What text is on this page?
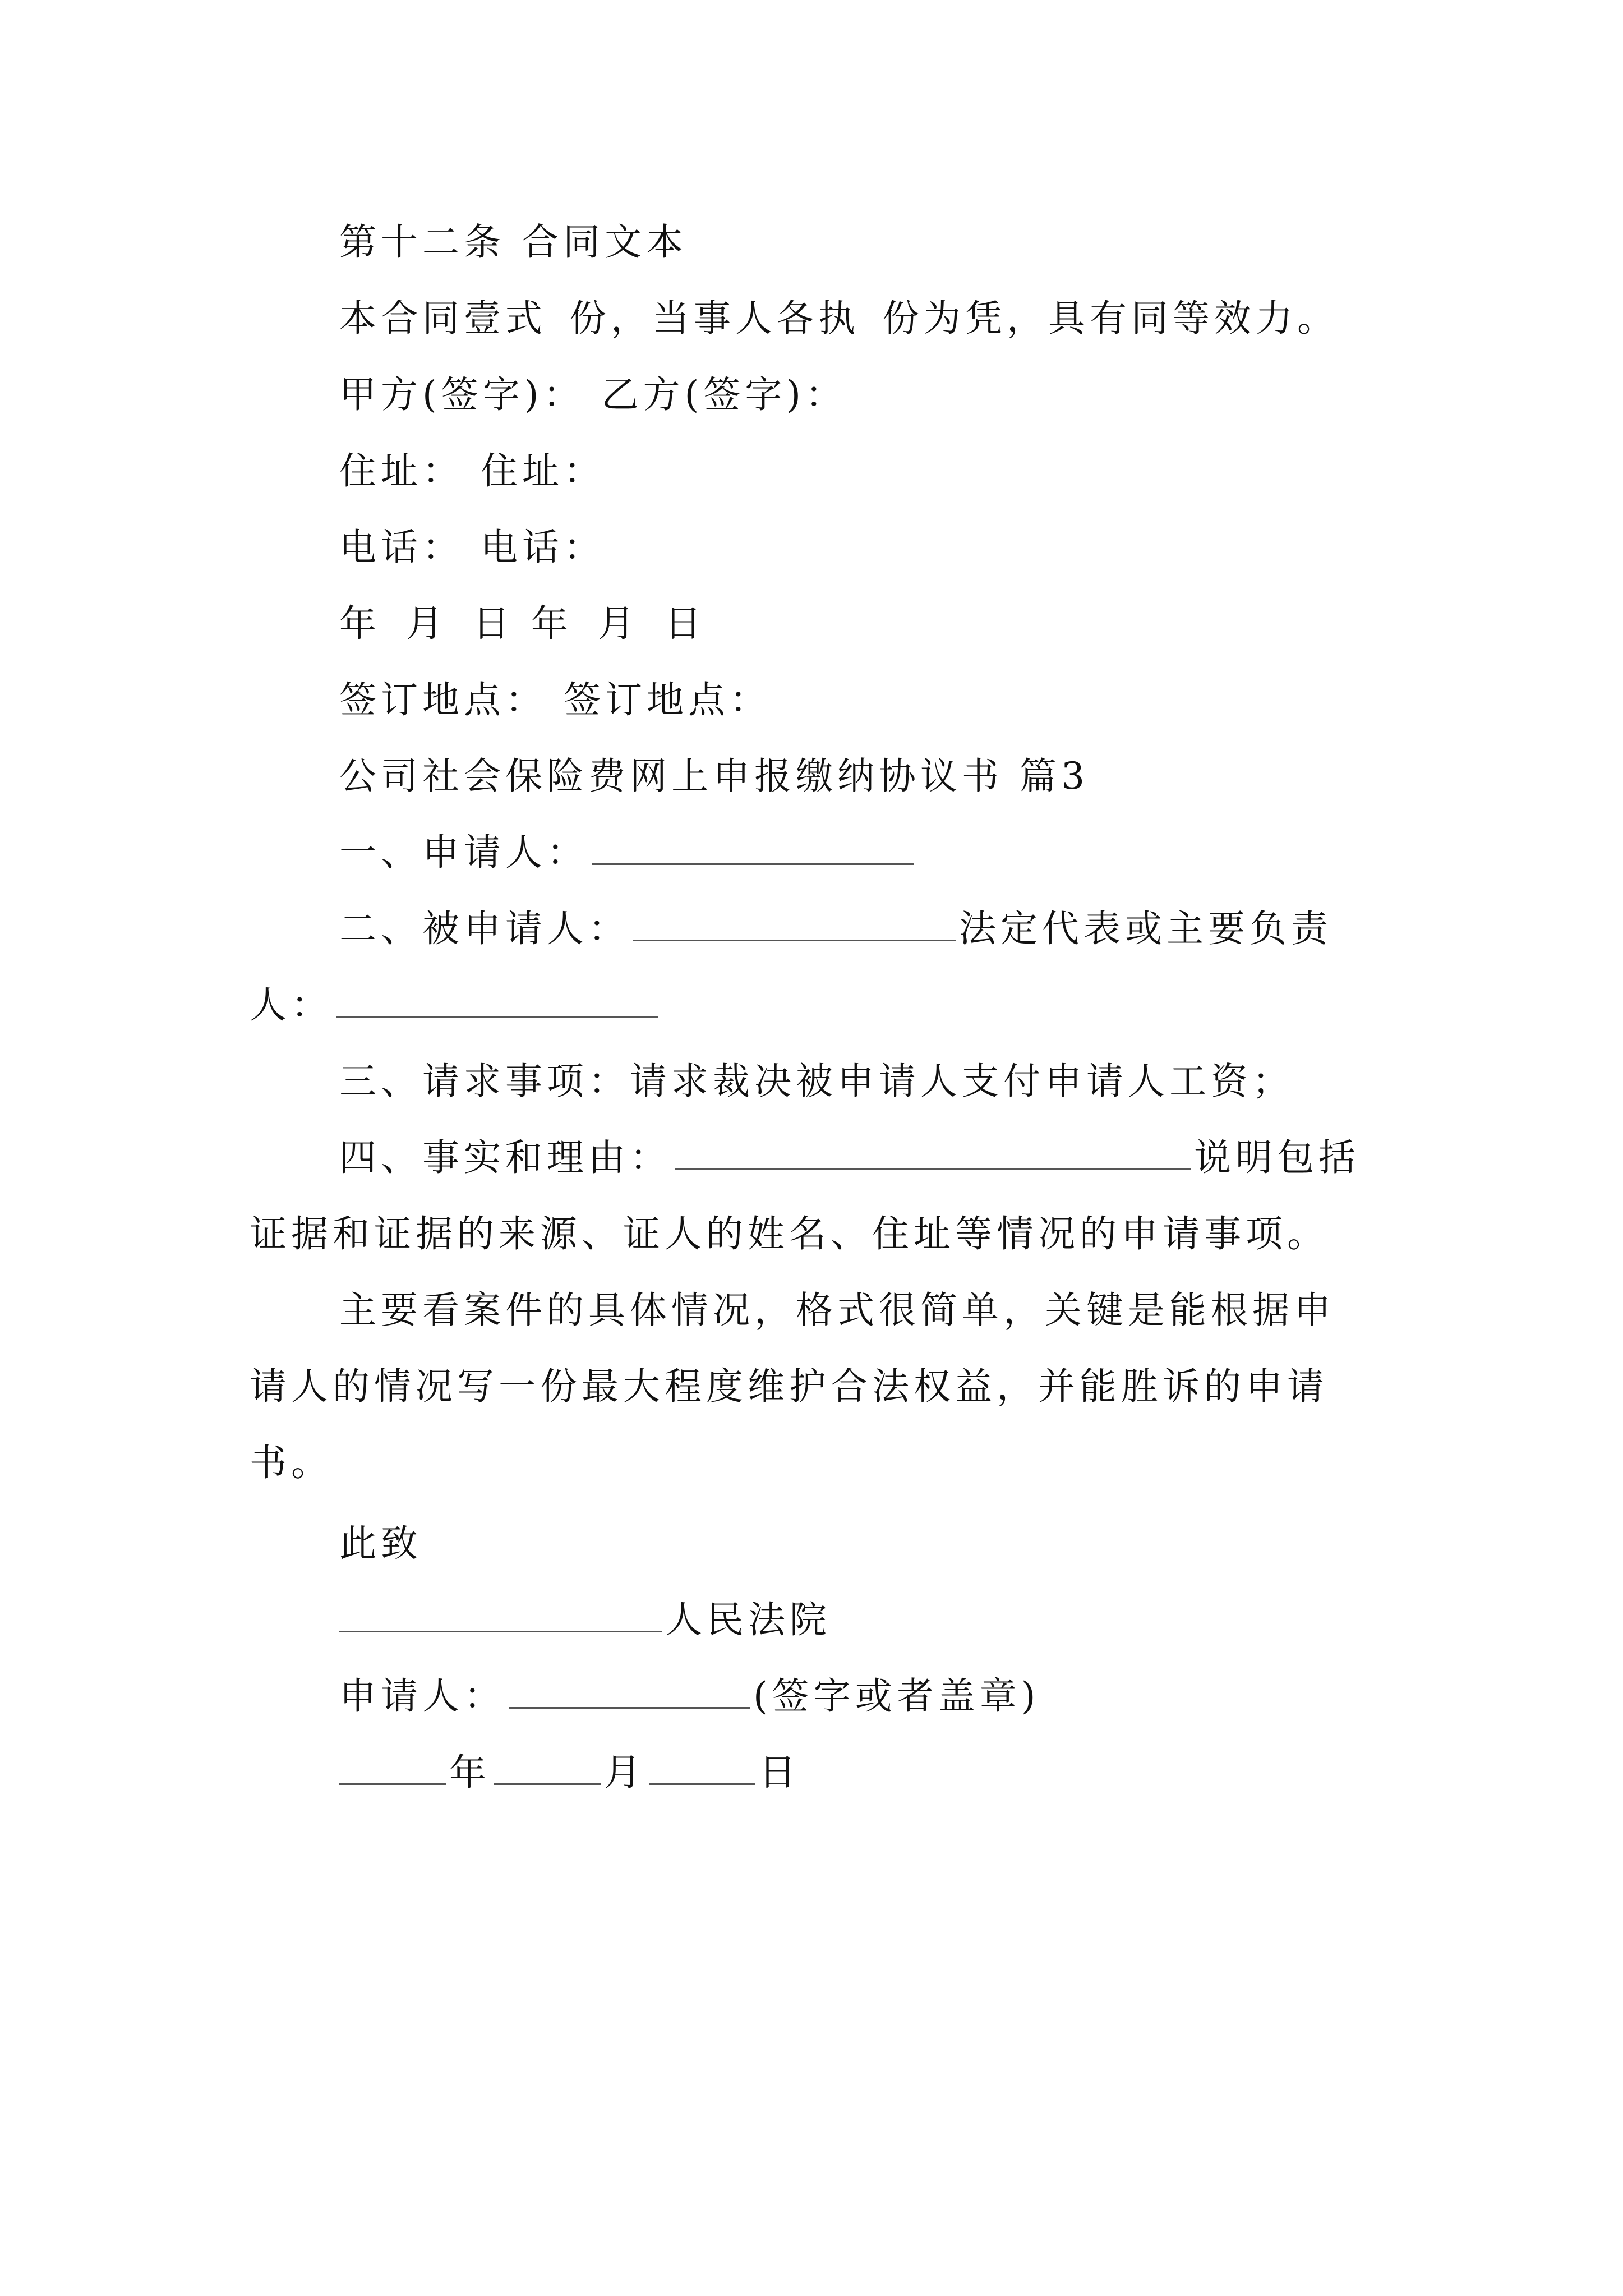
第十二条 合同文本
本合同壹式 份，当事人各执 份为凭，具有同等效力。
甲方(签字)： 乙方(签字)：
住址： 住址：
电话： 电话：
年 月 日 年 月 日
签订地点： 签订地点：
公司社会保险费网上申报缴纳协议书 篇3
一、申请人：
二、被申请人：	法定代表或主要负责
人：
三、请求事项：请求裁决被申请人支付申请人工资；
四、事实和理由：	说明包括
证据和证据的来源、证人的姓名、住址等情况的申请事项。
主要看案件的具体情况，格式很简单，关键是能根据申
请人的情况写一份最大程度维护合法权益，并能胜诉的申请
书。
此致
人民法院
申请人：	(签字或者盖章)
年	月	日
